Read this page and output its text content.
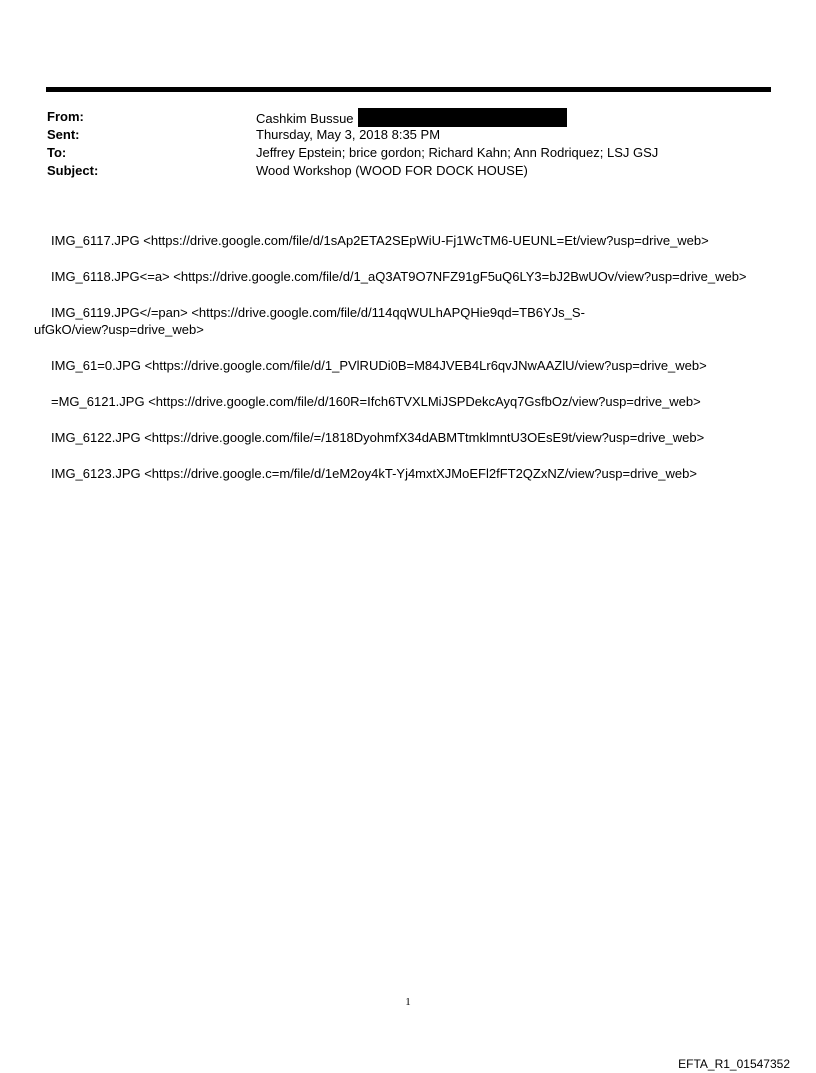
From:	Cashkim Bussue
Sent:	Thursday, May 3, 2018 8:35 PM
To:	Jeffrey Epstein; brice gordon; Richard Kahn; Ann Rodriquez; LSJ GSJ
Subject:	Wood Workshop (WOOD FOR DOCK HOUSE)

IMG_6117.JPG <https://drive.google.com/file/d/1sAp2ETA2SEpWiU-Fj1WcTM6-UEUNL=Et/view?usp=drive_web>

IMG_6118.JPG<=a> <https://drive.google.com/file/d/1_aQ3AT9O7NFZ91gF5uQ6LY3=bJ2BwUOv/view?usp=drive_web>

IMG_6119.JPG</=pan> <https://drive.google.com/file/d/114qqWULhAPQHie9qd=TB6YJs_S-
ufGkO/view?usp=drive_web>

IMG_61=0.JPG <https://drive.google.com/file/d/1_PVlRUDi0B=M84JVEB4Lr6qvJNwAAZlU/view?usp=drive_web>

=MG_6121.JPG <https://drive.google.com/file/d/160R=Ifch6TVXLMiJSPDekcAyq7GsfbOz/view?usp=drive_web>

IMG_6122.JPG <https://drive.google.com/file/=/1818DyohmfX34dABMTtmklmntU3OEsE9t/view?usp=drive_web>

IMG_6123.JPG <https://drive.google.c=m/file/d/1eM2oy4kT-Yj4mxtXJMoEFl2fFT2QZxNZ/view?usp=drive_web>

1
EFTA_R1_01547352
